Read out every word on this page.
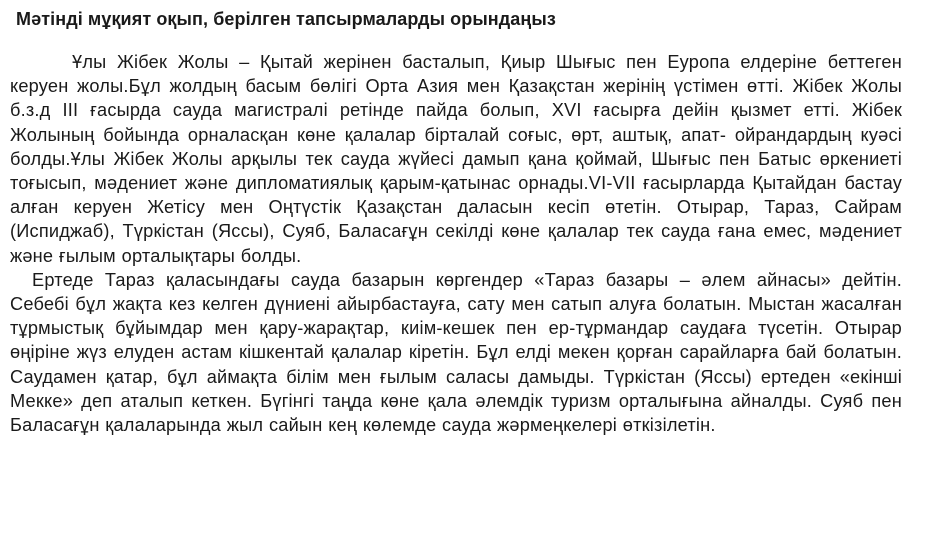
Мәтінді мұқият оқып, берілген тапсырмаларды орындаңыз

Ұлы Жібек Жолы – Қытай жерінен басталып, Қиыр Шығыс пен Еуропа елдеріне беттеген керуен жолы.Бұл жолдың басым бөлігі Орта Азия мен Қазақстан жерінің үстімен өтті. Жібек Жолы б.з.д ІІІ ғасырда сауда магистралі ретінде пайда болып, XVI ғасырға дейін қызмет етті. Жібек Жолының бойында орналасқан көне қалалар бірталай соғыс, өрт, аштық, апат- ойрандардың куәсі болды.Ұлы Жібек Жолы арқылы тек сауда жүйесі дамып қана қоймай, Шығыс пен Батыс өркениеті тоғысып, мәдениет және дипломатиялық қарым-қатынас орнады.VI-VII ғасырларда Қытайдан бастау алған керуен Жетісу мен Оңтүстік Қазақстан даласын кесіп өтетін. Отырар, Тараз, Сайрам (Испиджаб), Түркістан (Яссы), Суяб, Баласағұн секілді көне қалалар тек сауда ғана емес, мәдениет және ғылым орталықтары болды.

Ертеде Тараз қаласындағы сауда базарын көргендер «Тараз базары – әлем айнасы» дейтін. Себебі бұл жақта кез келген дүниені айырбастауға, сату мен сатып алуға болатын. Мыстан жасалған тұрмыстық бұйымдар мен қару-жарақтар, киім-кешек пен ер-тұрмандар саудаға түсетін. Отырар өңіріне жүз елуден астам кішкентай қалалар кіретін. Бұл елді мекен қорған сарайларға бай болатын. Саудамен қатар, бұл аймақта білім мен ғылым саласы дамыды. Түркістан (Яссы) ертеден «екінші Мекке» деп аталып кеткен. Бүгінгі таңда көне қала әлемдік туризм орталығына айналды. Суяб пен Баласағұн қалаларында жыл сайын кең көлемде сауда жәрмеңкелері өткізілетін.
